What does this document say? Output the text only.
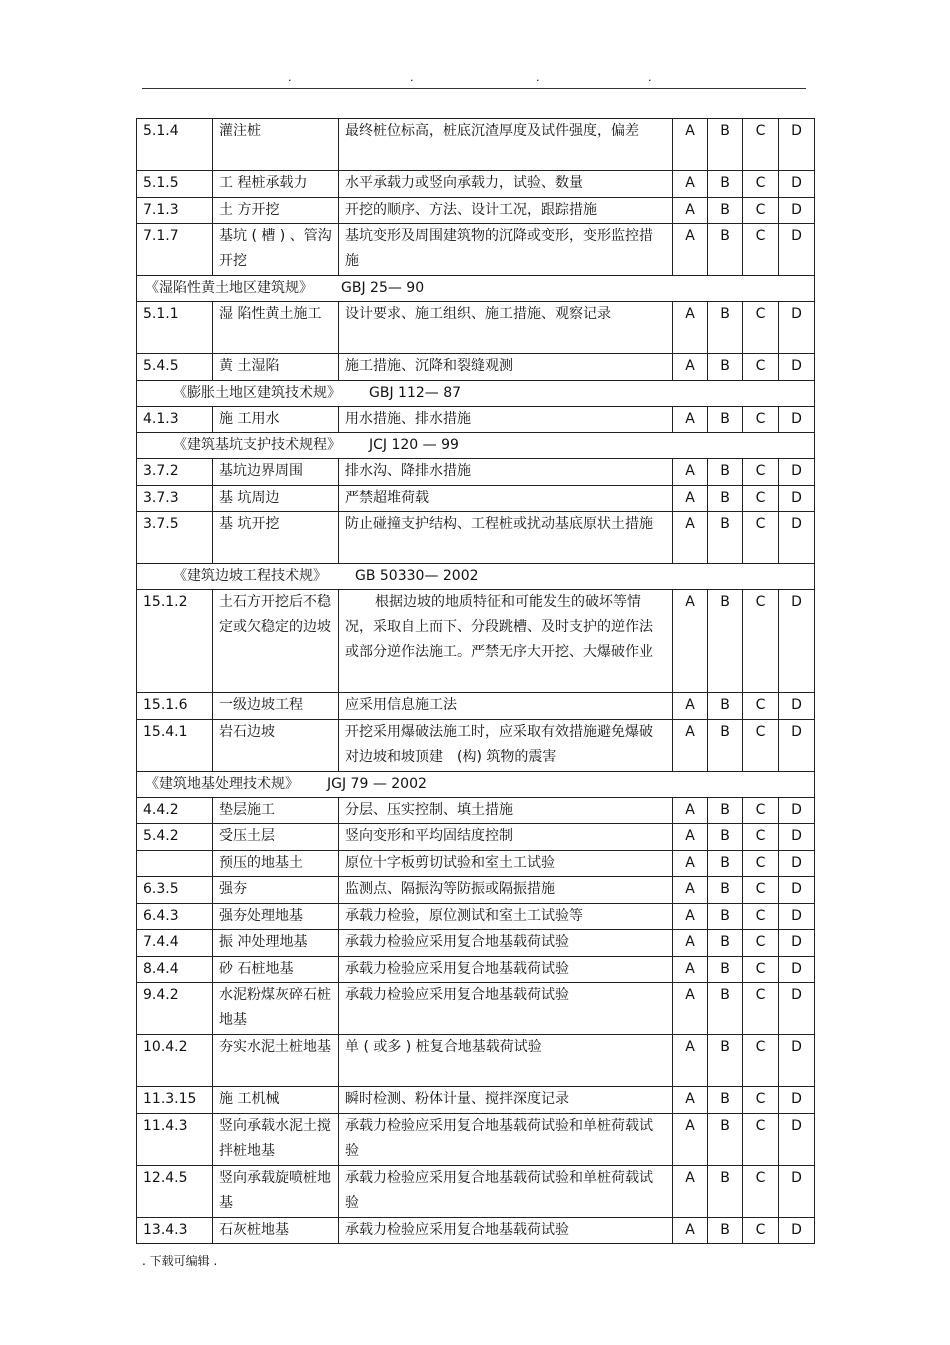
.	.	.	.
5.1.4	灌注桩	最终桩位标高，桩底沉渣厚度及试件强度，偏差	A	B	C	D
5.1.5	工 程桩承载力	水平承载力或竖向承载力，试验、数量	A	B	C	D
7.1.3	土 方开挖	开挖的顺序、方法、设计工况，跟踪措施	A	B	C	D
7.1.7	基坑 ( 槽 ) 、管沟开挖	基坑变形及周围建筑物的沉降或变形，变形监控措施	A	B	C	D
《湿陷性黄土地区建筑规》 GBJ 25— 90						
5.1.1	湿 陷性黄土施工	设计要求、施工组织、施工措施、观察记录	A	B	C	D
5.4.5	黄 土湿陷	施工措施、沉降和裂缝观测	A	B	C	D
《膨胀土地区建筑技术规》 GBJ 112— 87						
4.1.3	施 工用水	用水措施、排水措施	A	B	C	D
《建筑基坑支护技术规程》 JCJ 120 — 99						
3.7.2	基坑边界周围	排水沟、降排水措施	A	B	C	D
3.7.3	基 坑周边	严禁超堆荷载	A	B	C	D
3.7.5	基 坑开挖	防止碰撞支护结构、工程桩或扰动基底原状土措施	A	B	C	D
《建筑边坡工程技术规》 GB 50330— 2002						
15.1.2	土石方开挖后不稳定或欠稳定的边坡	根据边坡的地质特征和可能发生的破坏等情况，采取自上而下、分段跳槽、及时支护的逆作法或部分逆作法施工。严禁无序大开挖、大爆破作业	A	B	C	D
15.1.6	一级边坡工程	应采用信息施工法	A	B	C	D
15.4.1	岩石边坡	开挖采用爆破法施工时，应采取有效措施避免爆破对边坡和坡顶建　(构) 筑物的震害	A	B	C	D
《建筑地基处理技术规》 JGJ 79 — 2002						
4.4.2	垫层施工	分层、压实控制、填土措施	A	B	C	D
5.4.2	受压土层	竖向变形和平均固结度控制	A	B	C	D
	预压的地基土	原位十字板剪切试验和室土工试验	A	B	C	D
6.3.5	强夯	监测点、隔振沟等防振或隔振措施	A	B	C	D
6.4.3	强夯处理地基	承载力检验，原位测试和室土工试验等	A	B	C	D
7.4.4	振 冲处理地基	承载力检验应采用复合地基载荷试验	A	B	C	D
8.4.4	砂 石桩地基	承载力检验应采用复合地基载荷试验	A	B	C	D
9.4.2	水泥粉煤灰碎石桩地基	承载力检验应采用复合地基载荷试验	A	B	C	D
10.4.2	夯实水泥土桩地基	单 ( 或多 ) 桩复合地基载荷试验	A	B	C	D
11.3.15	施 工机械	瞬时检测、粉体计量、搅拌深度记录	A	B	C	D
11.4.3	竖向承载水泥土搅拌桩地基	承载力检验应采用复合地基载荷试验和单桩荷载试验	A	B	C	D
12.4.5	竖向承载旋喷桩地基	承载力检验应采用复合地基载荷试验和单桩荷载试验	A	B	C	D
13.4.3	石灰桩地基	承载力检验应采用复合地基载荷试验	A	B	C	D
. 下载可编辑 .
